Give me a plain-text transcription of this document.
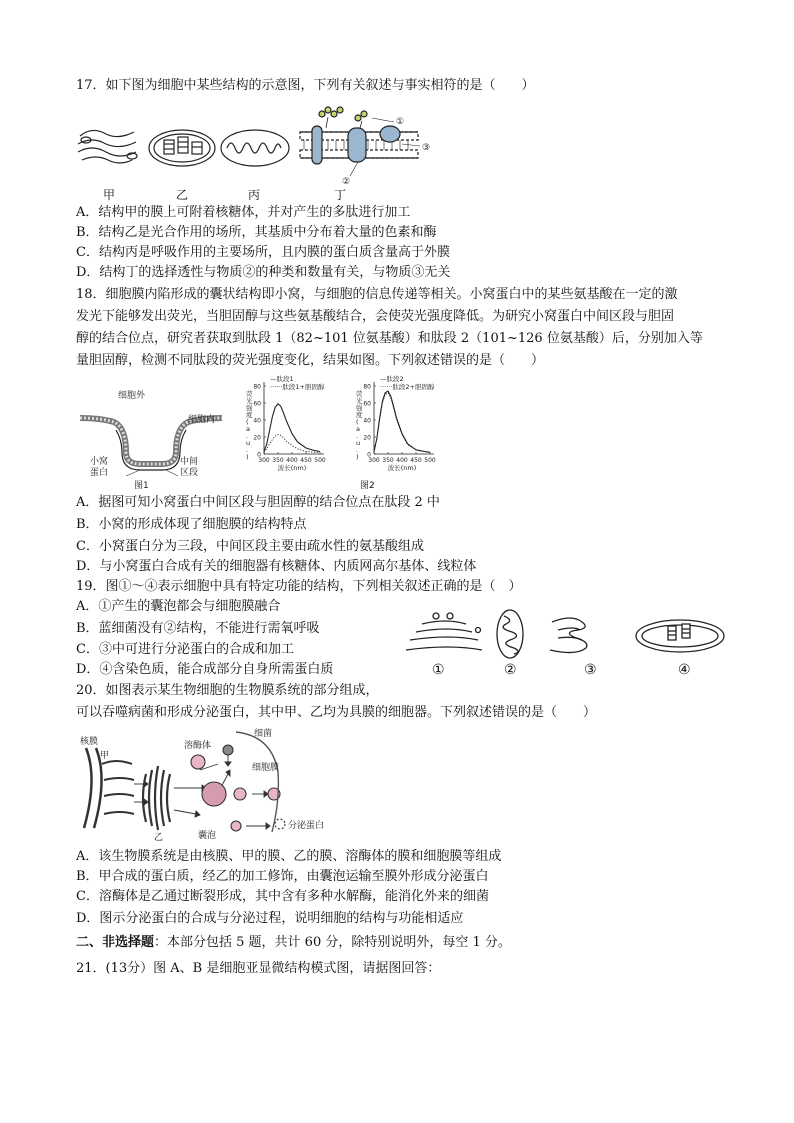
17．如下图为细胞中某些结构的示意图，下列有关叙述与事实相符的是（　　）
①
③
②
甲	乙	丙	丁
A．结构甲的膜上可附着核糖体，并对产生的多肽进行加工
B．结构乙是光合作用的场所，其基质中分布着大量的色素和酶
C．结构丙是呼吸作用的主要场所，且内膜的蛋白质含量高于外膜
D．结构丁的选择透性与物质②的种类和数量有关，与物质③无关
18．细胞膜内陷形成的囊状结构即小窝，与细胞的信息传递等相关。小窝蛋白中的某些氨基酸在一定的激
发光下能够发出荧光，当胆固醇与这些氨基酸结合，会使荧光强度降低。为研究小窝蛋白中间区段与胆固
醇的结合位点，研究者获取到肽段 1（82~101 位氨基酸）和肽段 2（101~126 位氨基酸）后，分别加入等
量胆固醇，检测不同肽段的荧光强度变化，结果如图。下列叙述错误的是（　　）
细胞外
细胞内
小窝
蛋白
中间
区段
图1
0
20
40
60
80
300 350 400 450 500
波长(nm)
荧光强度( a . u . )
—肽段1
······肽段1+胆固醇
0
20
40
60
80
300 350 400 450 500
波长(nm)
荧光强度( a . u . )
—肽段2
······肽段2+胆固醇
图2
A．据图可知小窝蛋白中间区段与胆固醇的结合位点在肽段 2 中
B．小窝的形成体现了细胞膜的结构特点
C．小窝蛋白分为三段，中间区段主要由疏水性的氨基酸组成
D．与小窝蛋白合成有关的细胞器有核糖体、内质网高尔基体、线粒体
19．图①～④表示细胞中具有特定功能的结构，下列相关叙述正确的是（　）
A．①产生的囊泡都会与细胞膜融合
B．蓝细菌没有②结构，不能进行需氧呼吸
C．③中可进行分泌蛋白的合成和加工
D．④含染色质，能合成部分自身所需蛋白质	①	②	③	④
20．如图表示某生物细胞的生物膜系统的部分组成，
可以吞噬病菌和形成分泌蛋白，其中甲、乙均为具膜的细胞器。下列叙述错误的是（　　）
核膜
甲
乙
溶酶体
细菌
细胞膜
囊泡
分泌蛋白
A．该生物膜系统是由核膜、甲的膜、乙的膜、溶酶体的膜和细胞膜等组成
B．甲合成的蛋白质，经乙的加工修饰，由囊泡运输至膜外形成分泌蛋白
C．溶酶体是乙通过断裂形成，其中含有多种水解酶，能消化外来的细菌
D．图示分泌蛋白的合成与分泌过程，说明细胞的结构与功能相适应
二、非选择题：本部分包括 5 题，共计 60 分，除特别说明外，每空 1 分。
21．(13分）图 A、B 是细胞亚显微结构模式图，请据图回答：
